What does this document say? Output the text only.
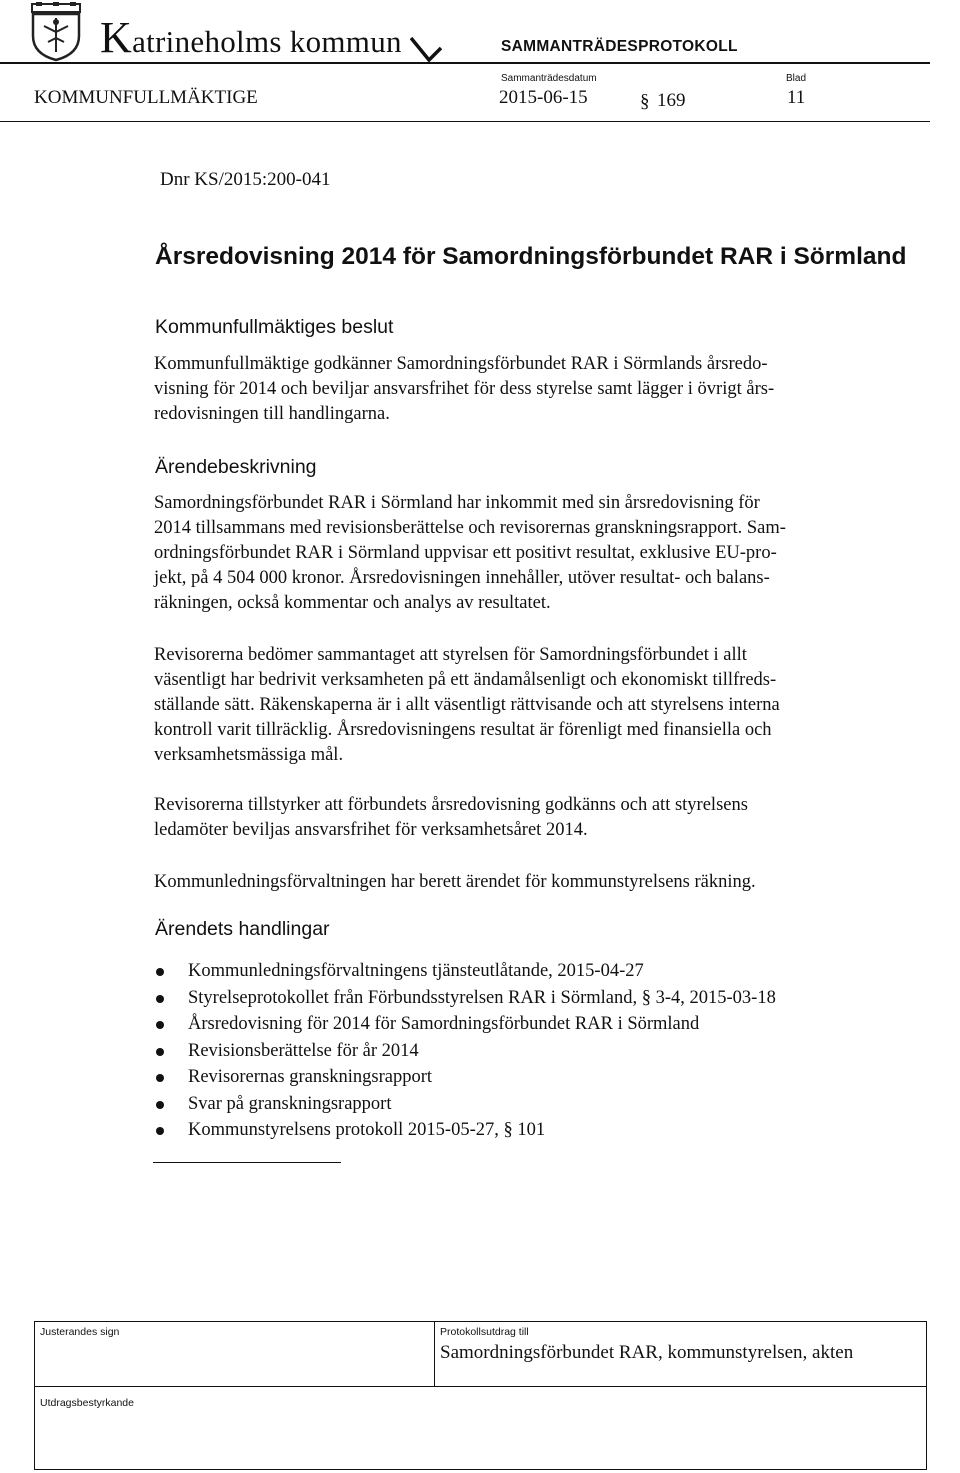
Katrineholms kommun	SAMMANTRÄDESPROTOKOLL
Sammanträdesdatum	Blad
KOMMUNFULLMÄKTIGE	2015-06-15	§ 169	11
Dnr KS/2015:200-041
Årsredovisning 2014 för Samordningsförbundet RAR i Sörmland
Kommunfullmäktiges beslut
Kommunfullmäktige godkänner Samordningsförbundet RAR i Sörmlands årsredo-
visning för 2014 och beviljar ansvarsfrihet för dess styrelse samt lägger i övrigt års-
redovisningen till handlingarna.
Ärendebeskrivning
Samordningsförbundet RAR i Sörmland har inkommit med sin årsredovisning för
2014 tillsammans med revisionsberättelse och revisorernas granskningsrapport. Sam-
ordningsförbundet RAR i Sörmland uppvisar ett positivt resultat, exklusive EU-pro-
jekt, på 4 504 000 kronor. Årsredovisningen innehåller, utöver resultat- och balans-
räkningen, också kommentar och analys av resultatet.
Revisorerna bedömer sammantaget att styrelsen för Samordningsförbundet i allt
väsentligt har bedrivit verksamheten på ett ändamålsenligt och ekonomiskt tillfreds-
ställande sätt. Räkenskaperna är i allt väsentligt rättvisande och att styrelsens interna
kontroll varit tillräcklig. Årsredovisningens resultat är förenligt med finansiella och
verksamhetsmässiga mål.
Revisorerna tillstyrker att förbundets årsredovisning godkänns och att styrelsens
ledamöter beviljas ansvarsfrihet för verksamhetsåret 2014.
Kommunledningsförvaltningen har berett ärendet för kommunstyrelsens räkning.
Ärendets handlingar
Kommunledningsförvaltningens tjänsteutlåtande, 2015-04-27
Styrelseprotokollet från Förbundsstyrelsen RAR i Sörmland, § 3-4, 2015-03-18
Årsredovisning för 2014 för Samordningsförbundet RAR i Sörmland
Revisionsberättelse för år 2014
Revisorernas granskningsrapport
Svar på granskningsrapport
Kommunstyrelsens protokoll 2015-05-27, § 101
Justerandes sign	Protokollsutdrag till
Samordningsförbundet RAR, kommunstyrelsen, akten
Utdragsbestyrkande
